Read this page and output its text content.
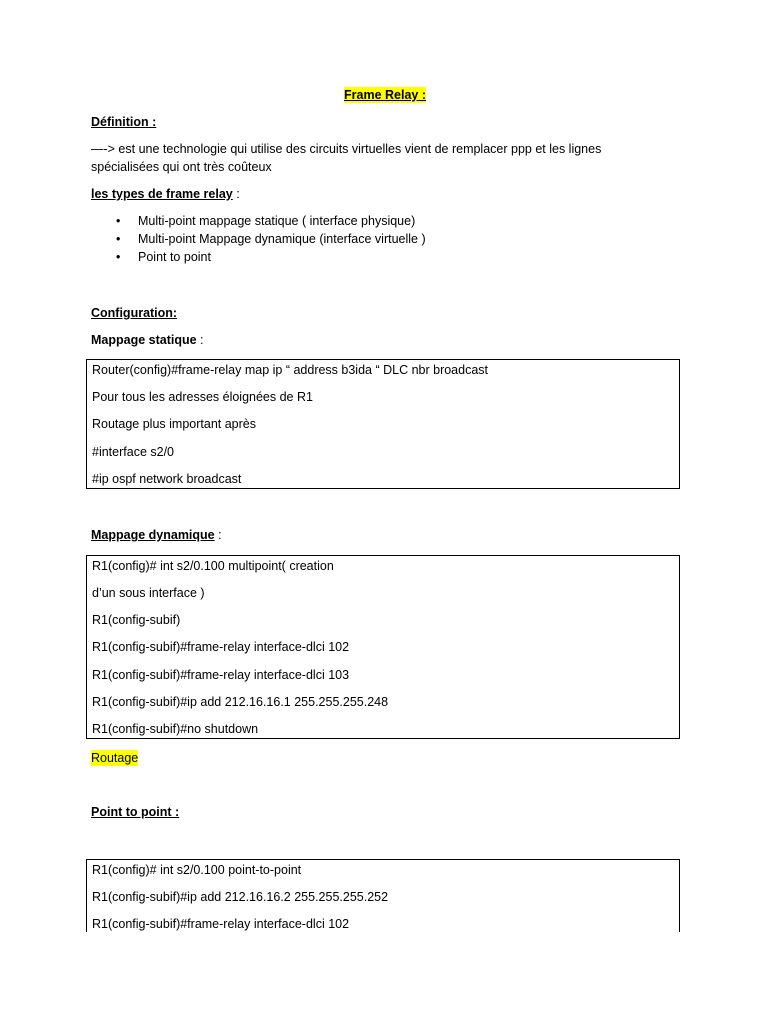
Frame Relay :
Définition :
—-> est une technologie qui utilise des circuits virtuelles vient de remplacer ppp et les lignes
spécialisées qui ont très coûteux
les types de frame relay :
• Multi-point mappage statique ( interface physique)
• Multi-point Mappage dynamique (interface virtuelle )
• Point to point
Configuration:
Mappage statique :
Router(config)#frame-relay map ip “ address b3ida “ DLC nbr broadcast
Pour tous les adresses éloignées de R1
Routage plus important après
#interface s2/0
#ip ospf network broadcast
Mappage dynamique :
R1(config)# int s2/0.100 multipoint( creation
d’un sous interface )
R1(config-subif)
R1(config-subif)#frame-relay interface-dlci 102
R1(config-subif)#frame-relay interface-dlci 103
R1(config-subif)#ip add 212.16.16.1 255.255.255.248
R1(config-subif)#no shutdown
Routage
Point to point :
R1(config)# int s2/0.100 point-to-point
R1(config-subif)#ip add 212.16.16.2 255.255.255.252
R1(config-subif)#frame-relay interface-dlci 102
